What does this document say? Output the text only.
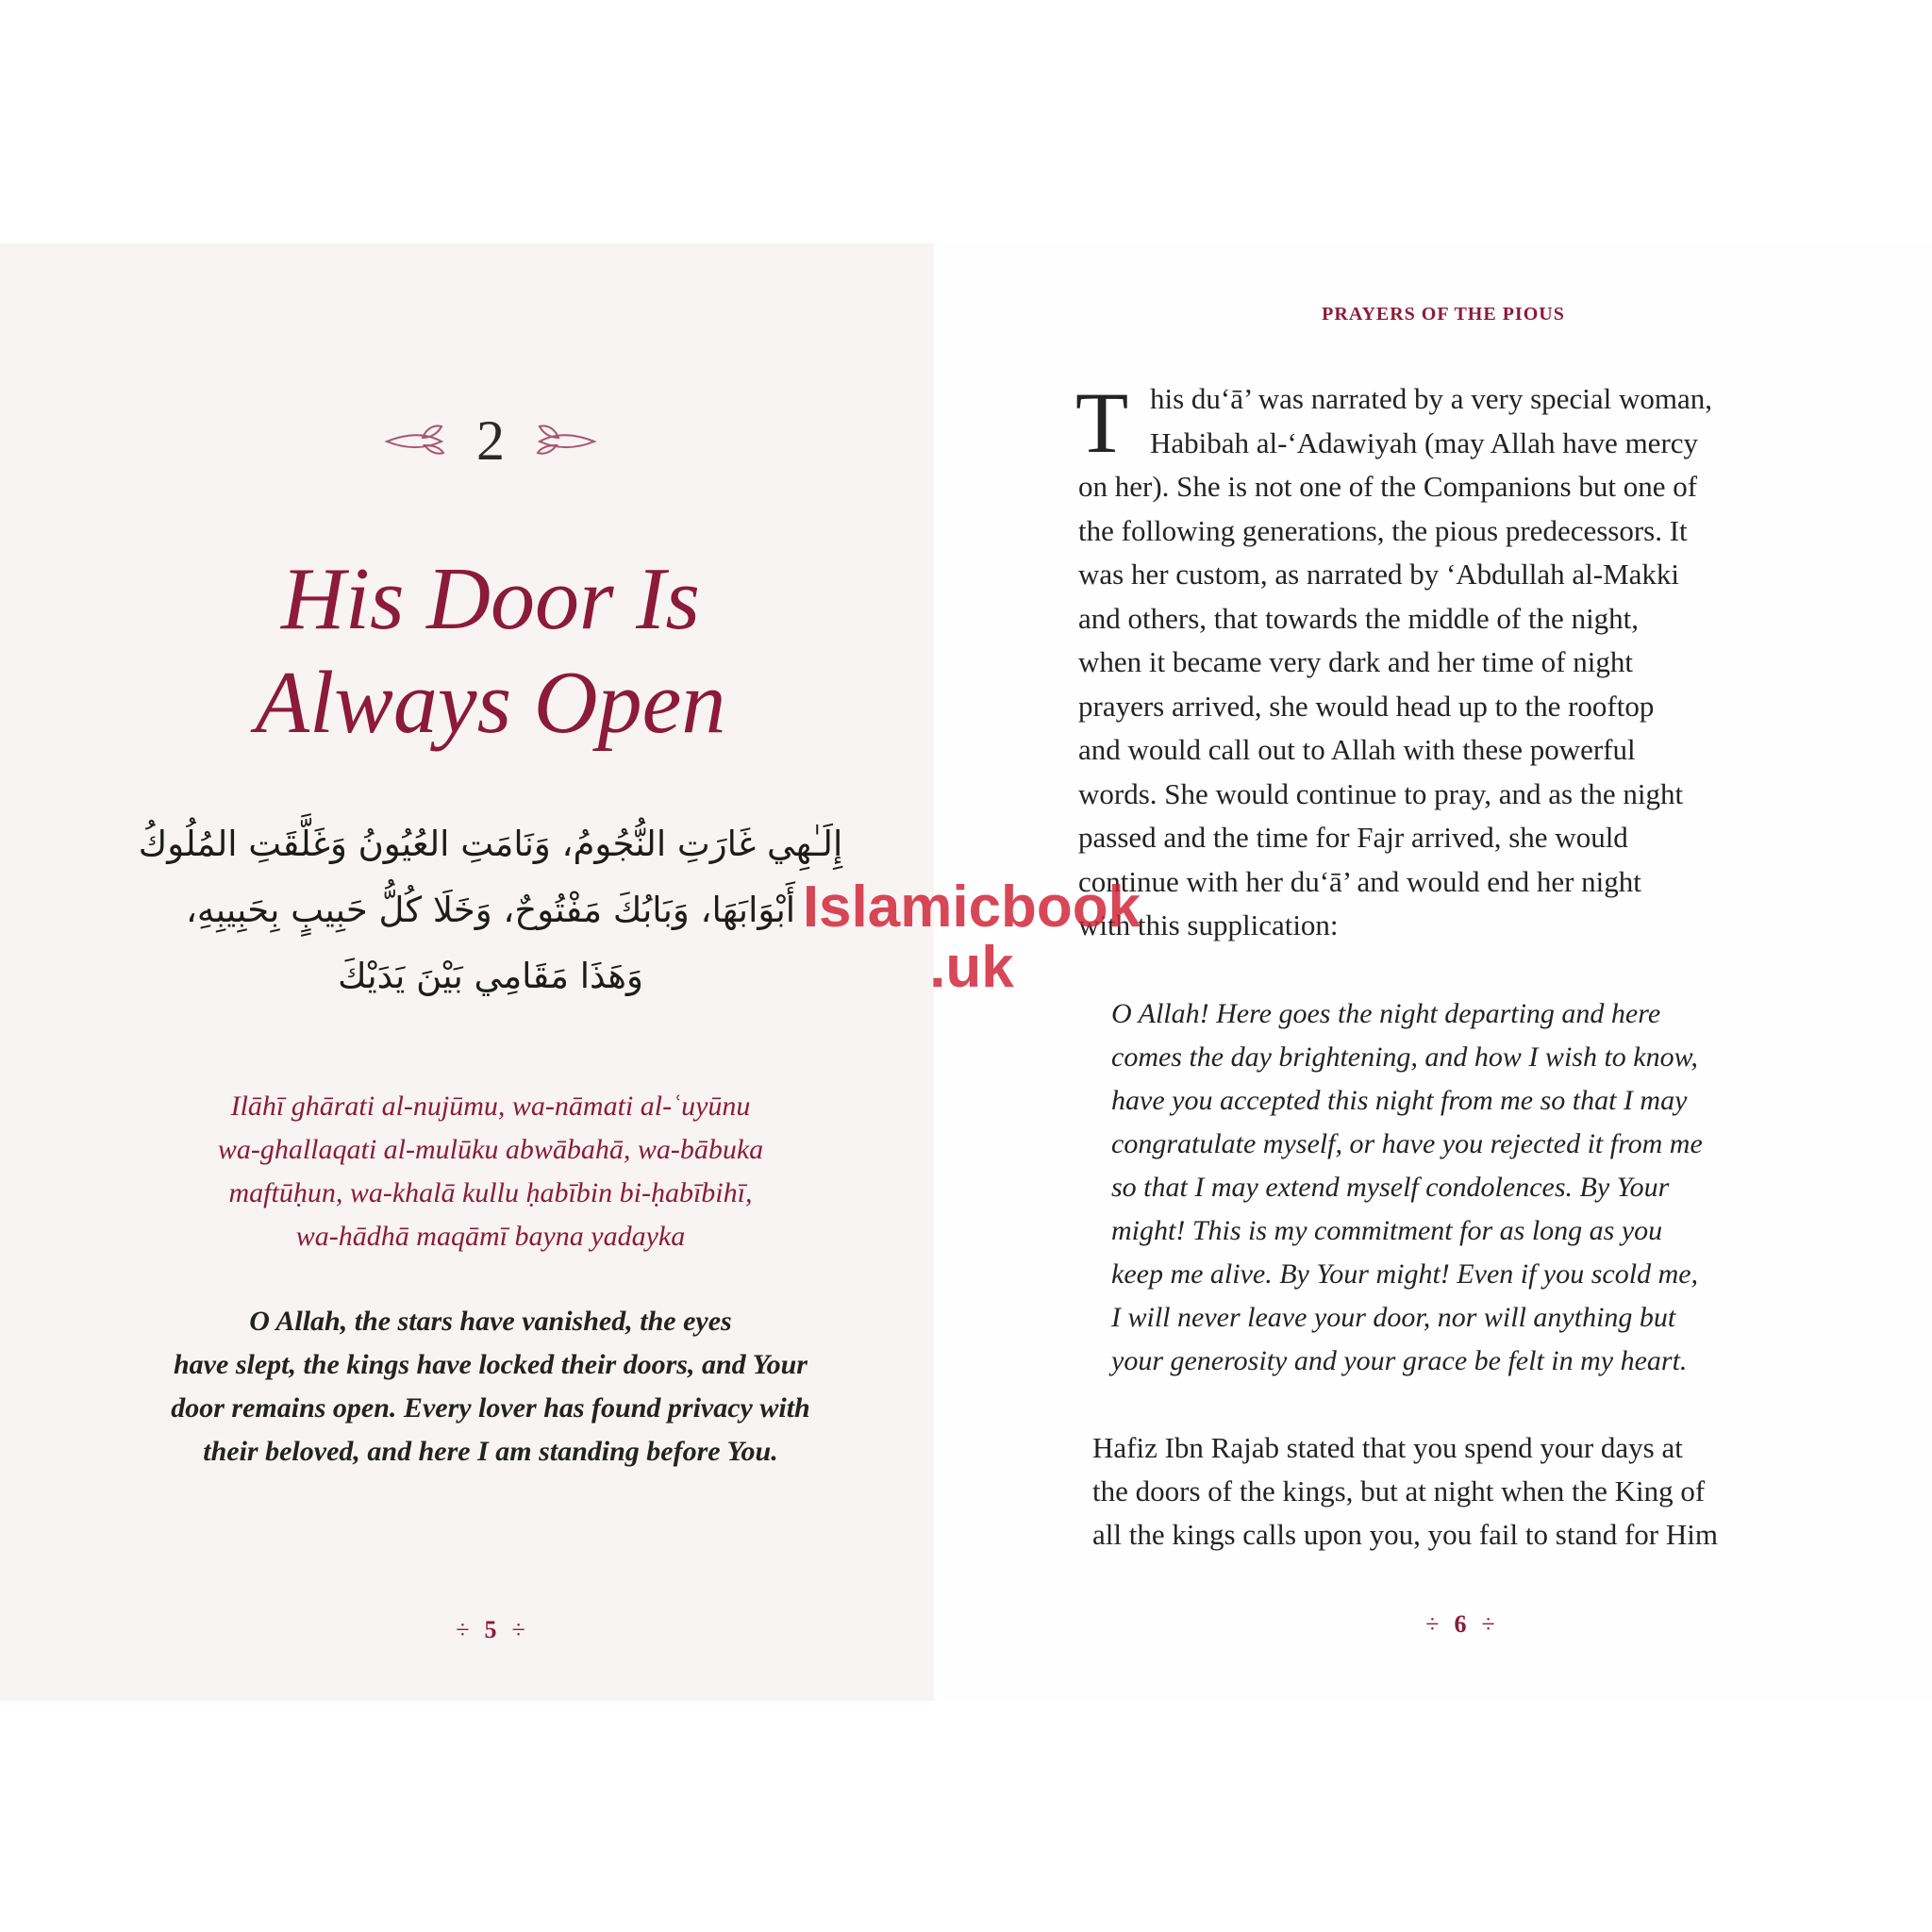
2
His Door Is
Always Open
إِلَـٰهِي غَارَتِ النُّجُومُ، وَنَامَتِ العُيُونُ وَغَلَّقَتِ المُلُوكُ
أَبْوَابَهَا، وَبَابُكَ مَفْتُوحٌ، وَخَلَا كُلُّ حَبِيبٍ بِحَبِيبِهِ،
وَهَذَا مَقَامِي بَيْنَ يَدَيْكَ
Ilāhī ghārati al-nujūmu, wa-nāmati al-ʿuyūnu
wa-ghallaqati al-mulūku abwābahā, wa-bābuka
maftūḥun, wa-khalā kullu ḥabībin bi-ḥabībihī,
wa-hādhā maqāmī bayna yadayka
O Allah, the stars have vanished, the eyes
have slept, the kings have locked their doors, and Your
door remains open. Every lover has found privacy with
their beloved, and here I am standing before You.
÷ 5 ÷
PRAYERS OF THE PIOUS
T his du‘ā’ was narrated by a very special woman,
Habibah al-‘Adawiyah (may Allah have mercy
on her). She is not one of the Companions but one of
the following generations, the pious predecessors. It
was her custom, as narrated by ‘Abdullah al-Makki
and others, that towards the middle of the night,
when it became very dark and her time of night
prayers arrived, she would head up to the rooftop
and would call out to Allah with these powerful
words. She would continue to pray, and as the night
passed and the time for Fajr arrived, she would
continue with her du‘ā’ and would end her night
with this supplication:
O Allah! Here goes the night departing and here
comes the day brightening, and how I wish to know,
have you accepted this night from me so that I may
congratulate myself, or have you rejected it from me
so that I may extend myself condolences. By Your
might! This is my commitment for as long as you
keep me alive. By Your might! Even if you scold me,
I will never leave your door, nor will anything but
your generosity and your grace be felt in my heart.
Hafiz Ibn Rajab stated that you spend your days at
the doors of the kings, but at night when the King of
all the kings calls upon you, you fail to stand for Him
÷ 6 ÷
Islamicbook
.uk
